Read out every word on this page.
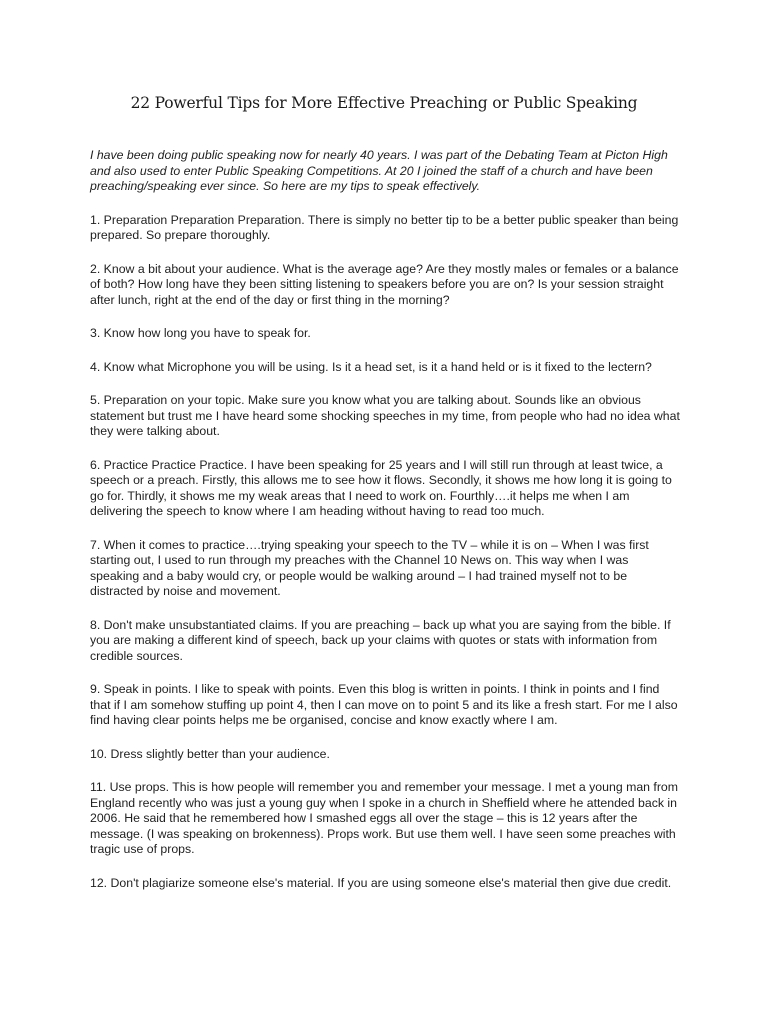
22 Powerful Tips for More Effective Preaching or Public Speaking

I have been doing public speaking now for nearly 40 years. I was part of the Debating Team at Picton High and also used to enter Public Speaking Competitions. At 20 I joined the staff of a church and have been preaching/speaking ever since. So here are my tips to speak effectively.

1. Preparation Preparation Preparation. There is simply no better tip to be a better public speaker than being prepared. So prepare thoroughly.

2. Know a bit about your audience. What is the average age? Are they mostly males or females or a balance of both? How long have they been sitting listening to speakers before you are on? Is your session straight after lunch, right at the end of the day or first thing in the morning?

3. Know how long you have to speak for.

4. Know what Microphone you will be using. Is it a head set, is it a hand held or is it fixed to the lectern?

5. Preparation on your topic. Make sure you know what you are talking about. Sounds like an obvious statement but trust me I have heard some shocking speeches in my time, from people who had no idea what they were talking about.

6. Practice Practice Practice. I have been speaking for 25 years and I will still run through at least twice, a speech or a preach. Firstly, this allows me to see how it flows. Secondly, it shows me how long it is going to go for. Thirdly, it shows me my weak areas that I need to work on. Fourthly….it helps me when I am delivering the speech to know where I am heading without having to read too much.

7. When it comes to practice….trying speaking your speech to the TV – while it is on – When I was first starting out, I used to run through my preaches with the Channel 10 News on. This way when I was speaking and a baby would cry, or people would be walking around – I had trained myself not to be distracted by noise and movement.

8. Don't make unsubstantiated claims. If you are preaching – back up what you are saying from the bible. If you are making a different kind of speech, back up your claims with quotes or stats with information from credible sources.

9. Speak in points. I like to speak with points. Even this blog is written in points. I think in points and I find that if I am somehow stuffing up point 4, then I can move on to point 5 and its like a fresh start. For me I also find having clear points helps me be organised, concise and know exactly where I am.

10. Dress slightly better than your audience.

11. Use props. This is how people will remember you and remember your message. I met a young man from England recently who was just a young guy when I spoke in a church in Sheffield where he attended back in 2006. He said that he remembered how I smashed eggs all over the stage – this is 12 years after the message. (I was speaking on brokenness). Props work. But use them well. I have seen some preaches with tragic use of props.

12. Don't plagiarize someone else's material. If you are using someone else's material then give due credit.
